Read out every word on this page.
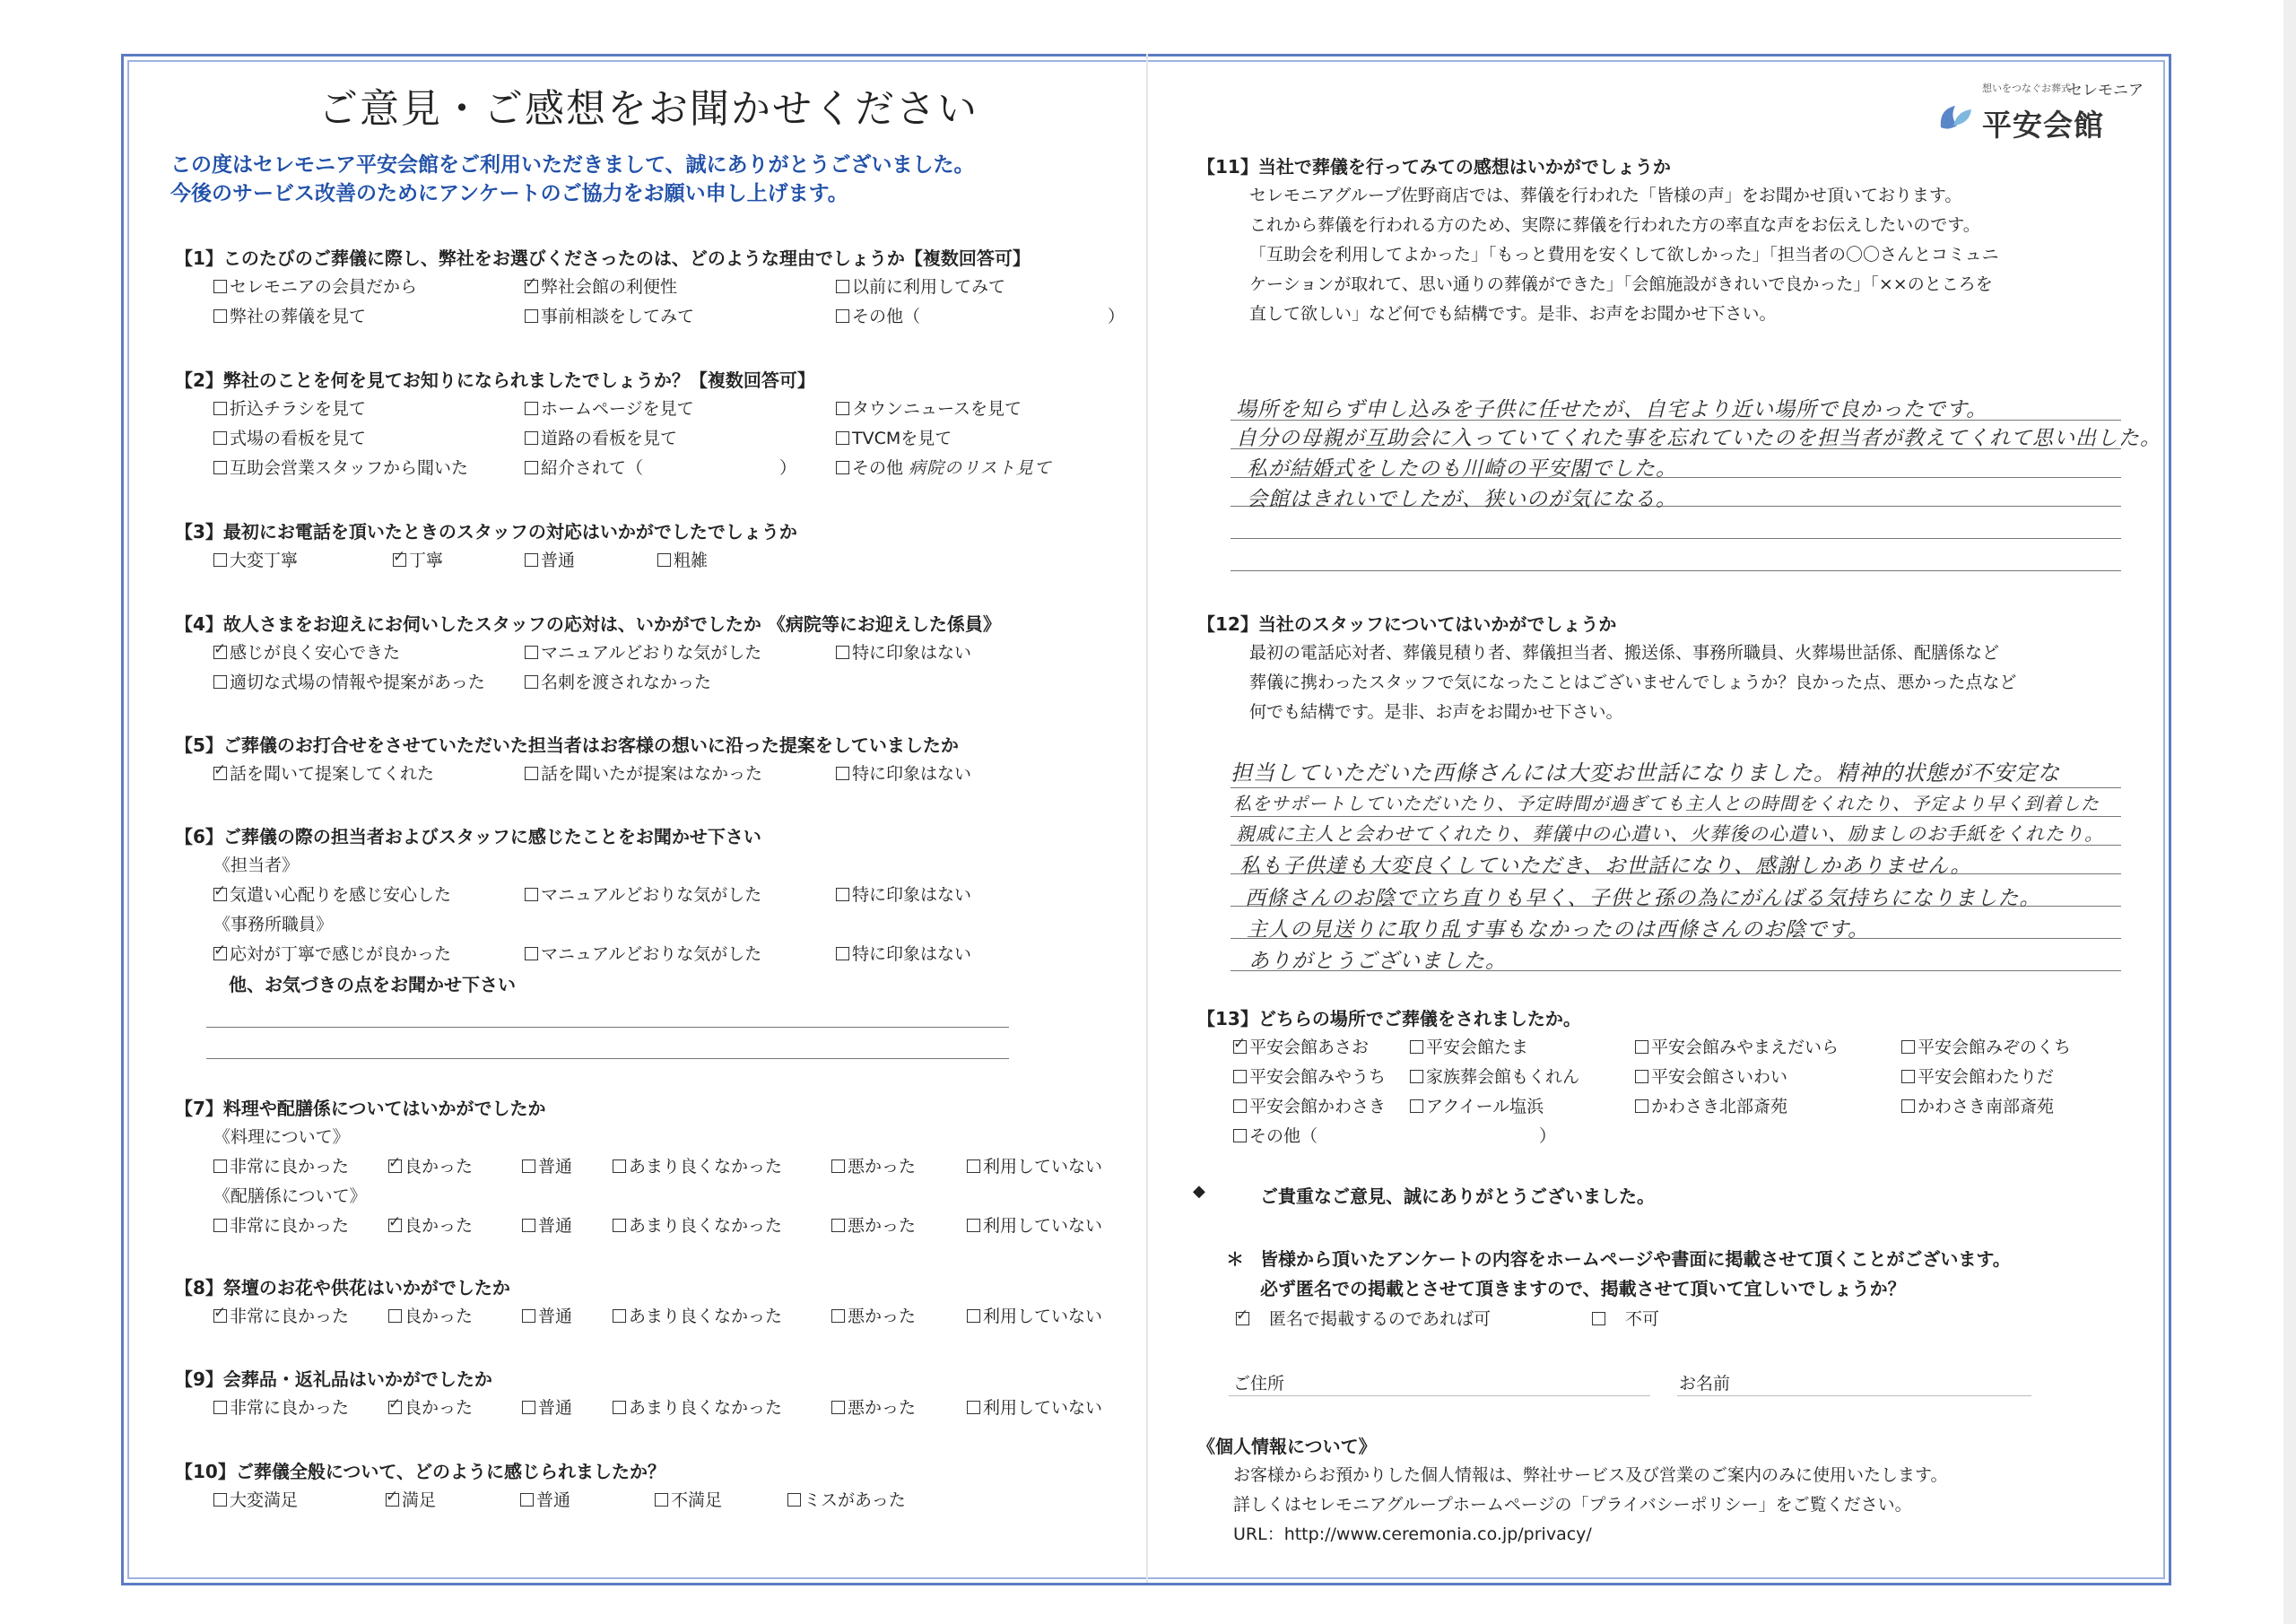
ご意見・ご感想をお聞かせください
この度はセレモニア平安会館をご利用いただきまして、誠にありがとうございました。
今後のサービス改善のためにアンケートのご協力をお願い申し上げます。
想いをつなぐお葬式
セレモニア
平安会館
【1】このたびのご葬儀に際し、弊社をお選びくださったのは、どのような理由でしょうか【複数回答可】
セレモニアの会員だから ✓	弊社会館の利便性	以前に利用してみて
弊社の葬儀を見て	事前相談をしてみて	その他（　　　　　　　　　　　）
【2】弊社のことを何を見てお知りになられましたでしょうか？【複数回答可】
折込チラシを見て	ホームページを見て	タウンニュースを見て
式場の看板を見て	道路の看板を見て	TVCMを見て
互助会営業スタッフから聞いた	紹介されて（　　　　　　　　）	その他 病院のリスト見て
【3】最初にお電話を頂いたときのスタッフの対応はいかがでしたでしょうか
大変丁寧 ✓	丁寧	普通	粗雑
【4】故人さまをお迎えにお伺いしたスタッフの応対は、いかがでしたか 《病院等にお迎えした係員》
✓感じが良く安心できた	マニュアルどおりな気がした	特に印象はない
適切な式場の情報や提案があった	名刺を渡されなかった
【5】ご葬儀のお打合せをさせていただいた担当者はお客様の想いに沿った提案をしていましたか
✓話を聞いて提案してくれた	話を聞いたが提案はなかった	特に印象はない
【6】ご葬儀の際の担当者およびスタッフに感じたことをお聞かせ下さい
《担当者》
✓気遣い心配りを感じ安心した	マニュアルどおりな気がした	特に印象はない
《事務所職員》
✓応対が丁寧で感じが良かった	マニュアルどおりな気がした	特に印象はない
他、お気づきの点をお聞かせ下さい
【7】料理や配膳係についてはいかがでしたか
《料理について》
非常に良かった ✓	良かった	普通	あまり良くなかった	悪かった	利用していない
《配膳係について》
非常に良かった ✓	良かった	普通	あまり良くなかった	悪かった	利用していない
【8】祭壇のお花や供花はいかがでしたか
✓非常に良かった	良かった	普通	あまり良くなかった	悪かった	利用していない
【9】会葬品・返礼品はいかがでしたか
非常に良かった ✓	良かった	普通	あまり良くなかった	悪かった	利用していない
【10】ご葬儀全般について、どのように感じられましたか？
大変満足 ✓	満足	普通	不満足	ミスがあった
【11】当社で葬儀を行ってみての感想はいかがでしょうか
セレモニアグループ佐野商店では、葬儀を行われた「皆様の声」をお聞かせ頂いております。
これから葬儀を行われる方のため、実際に葬儀を行われた方の率直な声をお伝えしたいのです。
「互助会を利用してよかった」「もっと費用を安くして欲しかった」「担当者の〇〇さんとコミュニ
ケーションが取れて、思い通りの葬儀ができた」「会館施設がきれいで良かった」「××のところを
直して欲しい」など何でも結構です。是非、お声をお聞かせ下さい。
場所を知らず申し込みを子供に任せたが、自宅より近い場所で良かったです。
自分の母親が互助会に入っていてくれた事を忘れていたのを担当者が教えてくれて思い出した。
私が結婚式をしたのも川崎の平安閣でした。
会館はきれいでしたが、狭いのが気になる。
【12】当社のスタッフについてはいかがでしょうか
最初の電話応対者、葬儀見積り者、葬儀担当者、搬送係、事務所職員、火葬場世話係、配膳係など
葬儀に携わったスタッフで気になったことはございませんでしょうか？良かった点、悪かった点など
何でも結構です。是非、お声をお聞かせ下さい。
担当していただいた西條さんには大変お世話になりました。精神的状態が不安定な
私をサポートしていただいたり、予定時間が過ぎても主人との時間をくれたり、予定より早く到着した
親戚に主人と会わせてくれたり、葬儀中の心遣い、火葬後の心遣い、励ましのお手紙をくれたり。
私も子供達も大変良くしていただき、お世話になり、感謝しかありません。
西條さんのお陰で立ち直りも早く、子供と孫の為にがんばる気持ちになりました。
主人の見送りに取り乱す事もなかったのは西條さんのお陰です。
ありがとうございました。
【13】どちらの場所でご葬儀をされましたか。
✓平安会館あさお	平安会館たま	平安会館みやまえだいら	平安会館みぞのくち
平安会館みやうち	家族葬会館もくれん	平安会館さいわい	平安会館わたりだ
平安会館かわさき	アクイール塩浜	かわさき北部斎苑	かわさき南部斎苑
その他（　　　　　　　　　　　　　）
◆	ご貴重なご意見、誠にありがとうございました。
＊ 皆様から頂いたアンケートの内容をホームページや書面に掲載させて頂くことがございます。
必ず匿名での掲載とさせて頂きますので、掲載させて頂いて宜しいでしょうか？
✓　匿名で掲載するのであれば可
　	不可
ご住所	お名前
《個人情報について》
お客様からお預かりした個人情報は、弊社サービス及び営業のご案内のみに使用いたします。
詳しくはセレモニアグループホームページの「プライバシーポリシー」をご覧ください。
URL：http://www.ceremonia.co.jp/privacy/
